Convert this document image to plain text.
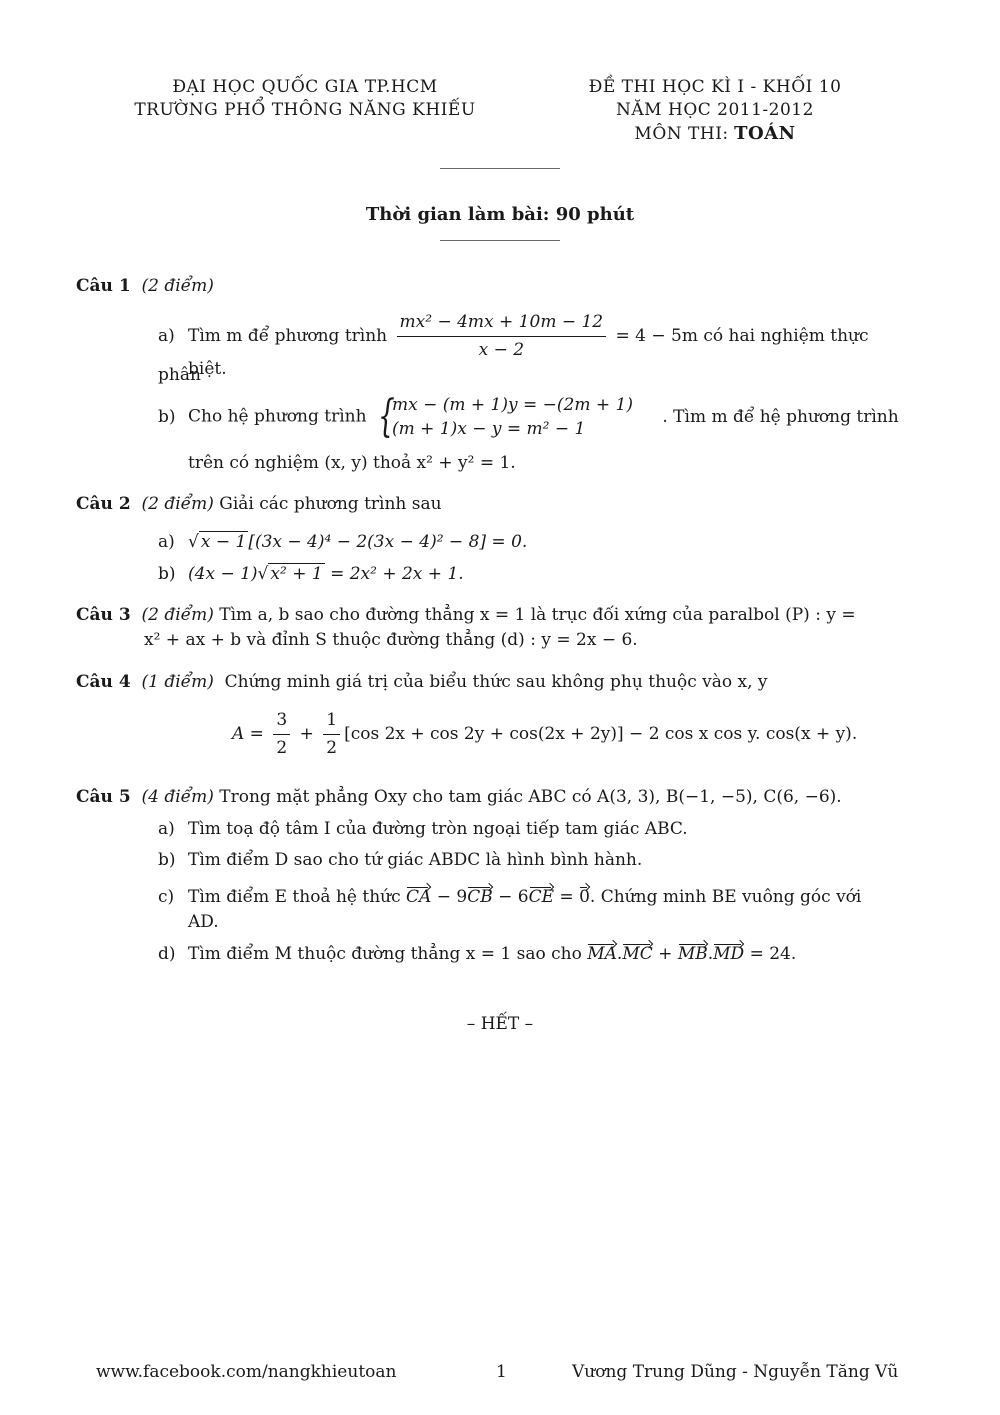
ĐẠI HỌC QUỐC GIA TP.HCM
TRƯỜNG PHỔ THÔNG NĂNG KHIẾU
ĐỀ THI HỌC KÌ I - KHỐI 10
NĂM HỌC 2011-2012
MÔN THI: TOÁN
Thời gian làm bài: 90 phút
Câu 1 (2 điểm)
a) Tìm m để phương trình $\frac{\text{mx² − 4mx + 10m − 12}}{x - 2} = 4 - 5m$ có hai nghiệm thực phân
biệt.
b) Cho hệ phương trình {
mx − (m + 1)y = −(2m + 1)
(m + 1)x − y = m² − 1
. Tìm m để hệ phương trình
trên có nghiệm (x, y) thoả x² + y² = 1.
Câu 2 (2 điểm) Giải các phương trình sau
a) √ x − 1 [(3x − 4)⁴ − 2(3x − 4)² − 8] = 0.
b) (4x − 1)√ x² + 1 = 2x² + 2x + 1.
Câu 3 (2 điểm) Tìm a, b sao cho đường thẳng x = 1 là trục đối xứng của paralbol (P) : y =
x² + ax + b và đỉnh S thuộc đường thẳng (d) : y = 2x − 6.
Câu 4 (1 điểm) Chứng minh giá trị của biểu thức sau không phụ thuộc vào x, y
$A = \frac{3}{2} + \frac{1}{2} [\cos$ 2x + cos 2y + cos(2x + 2y)] − 2 cos x cos y. cos(x + y).
Câu 5 (4 điểm) Trong mặt phẳng Oxy cho tam giác ABC có A(3, 3), B(−1, −5), C(6, −6).
a) Tìm toạ độ tâm I của đường tròn ngoại tiếp tam giác ABC.
b) Tìm điểm D sao cho tứ giác ABDC là hình bình hành.
c) Tìm điểm E thoả hệ thức CA − 9CB − 6CE = 0. Chứng minh BE vuông góc với
AD.
d) Tìm điểm M thuộc đường thẳng x = 1 sao cho MA.MC + MB.MD = 24.
– HẾT –
www.facebook.com/nangkhieutoan	1	Vương Trung Dũng - Nguyễn Tăng Vũ
